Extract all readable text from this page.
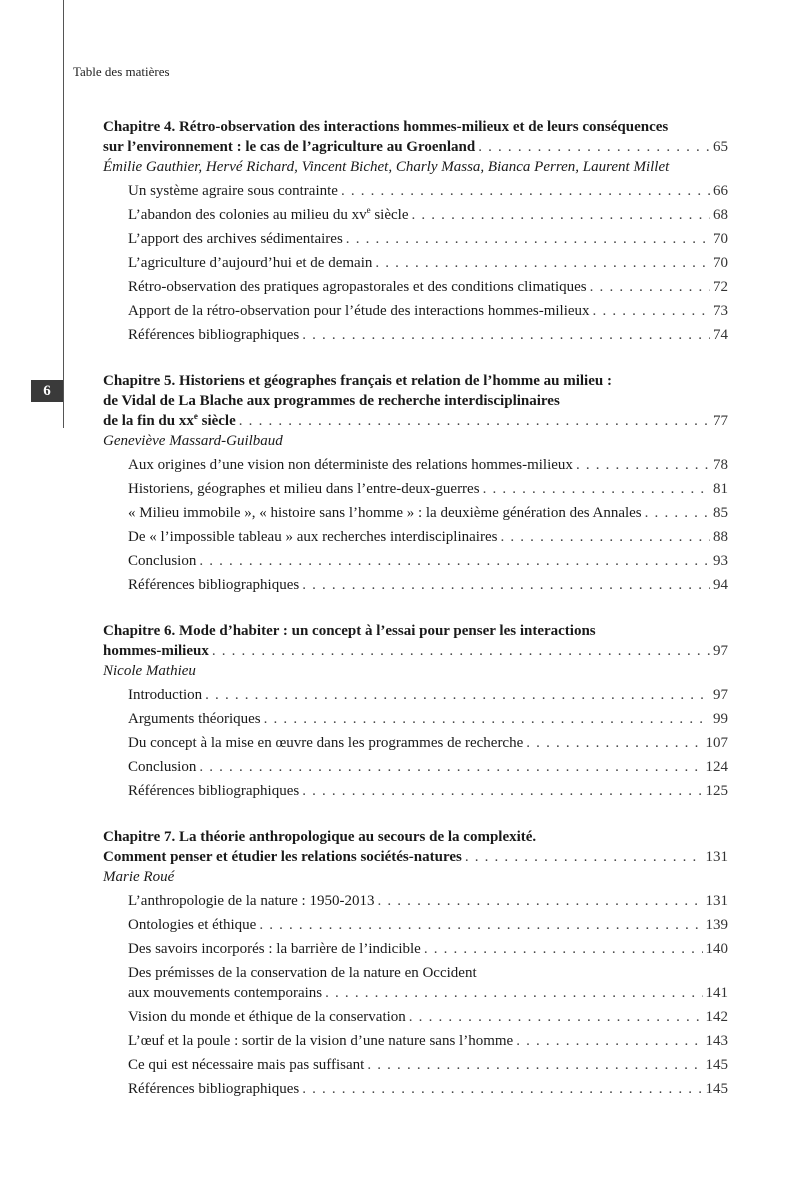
6
Table des matières
Chapitre 4. Rétro-observation des interactions hommes-milieux et de leurs conséquences
sur l’environnement : le cas de l’agriculture au Groenland . . .	65
Émilie Gauthier, Hervé Richard, Vincent Bichet, Charly Massa, Bianca Perren, Laurent Millet
Un système agraire sous contrainte . . .	66
L’abandon des colonies au milieu du $xv^e$ siècle . . .	68
L’apport des archives sédimentaires . . .	70
L’agriculture d’aujourd’hui et de demain . . .	70
Rétro-observation des pratiques agropastorales et des conditions climatiques . . .	72
Apport de la rétro-observation pour l’étude des interactions hommes-milieux . . .	73
Références bibliographiques . . .	74
Chapitre 5. Historiens et géographes français et relation de l’homme au milieu :
de Vidal de La Blache aux programmes de recherche interdisciplinaires
de la fin du $xx^e$ siècle . . .	77
Geneviève Massard-Guilbaud
Aux origines d’une vision non déterministe des relations hommes-milieux . . .	78
Historiens, géographes et milieu dans l’entre-deux-guerres . . .	81
« Milieu immobile », « histoire sans l’homme » : la deuxième génération des Annales . . .	85
De « l’impossible tableau » aux recherches interdisciplinaires . . .	88
Conclusion . . .	93
Références bibliographiques . . .	94
Chapitre 6. Mode d’habiter : un concept à l’essai pour penser les interactions
hommes-milieux . . .	97
Nicole Mathieu
Introduction . . .	97
Arguments théoriques . . .	99
Du concept à la mise en œuvre dans les programmes de recherche . . .	107
Conclusion . . .	124
Références bibliographiques . . .	125
Chapitre 7. La théorie anthropologique au secours de la complexité.
Comment penser et étudier les relations sociétés-natures . . .	131
Marie Roué
L’anthropologie de la nature : 1950-2013 . . .	131
Ontologies et éthique . . .	139
Des savoirs incorporés : la barrière de l’indicible . . .	140
Des prémisses de la conservation de la nature en Occident
aux mouvements contemporains . . .	141
Vision du monde et éthique de la conservation . . .	142
L’œuf et la poule : sortir de la vision d’une nature sans l’homme . . .	143
Ce qui est nécessaire mais pas suffisant . . .	145
Références bibliographiques . . .	145
